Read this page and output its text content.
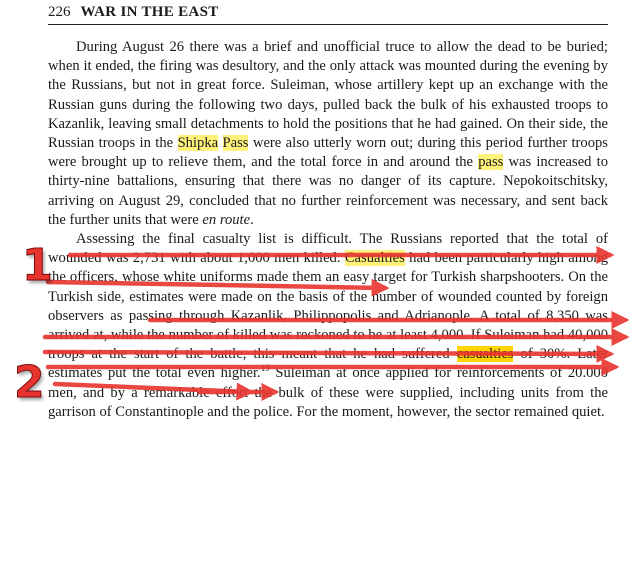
226 WAR IN THE EAST

During August 26 there was a brief and unofficial truce to allow the dead to be buried; when it ended, the firing was desultory, and the only attack was mounted during the evening by the Russians, but not in great force. Suleiman, whose artillery kept up an exchange with the Russian guns during the following two days, pulled back the bulk of his exhausted troops to Kazanlik, leaving small detachments to hold the positions that he had gained. On their side, the Russian troops in the Shipka Pass were also utterly worn out; during this period further troops were brought up to relieve them, and the total force in and around the pass was increased to thirty-nine battalions, ensuring that there was no danger of its capture. Nepokoitschitsky, arriving on August 29, concluded that no further reinforcement was necessary, and sent back the further units that were en route.

Assessing the final casualty list is difficult. The Russians reported that the total of wounded was 2,731 with about 1,000 men killed. Casualties had been particularly high among the officers, whose white uniforms made them an easy target for Turkish sharpshooters. On the Turkish side, estimates were made on the basis of the number of wounded counted by foreign observers as passing through Kazanlik, Philippopolis and Adrianople. A total of 8,350 was arrived at, while the number of killed was reckoned to be at least 4,000. If Suleiman had 40,000 troops at the start of the battle, this meant that he had suffered casualties of 30%. Later estimates put the total even higher.$^{19}$ Suleiman at once applied for reinforcements of 20.000 men, and by a remarkable effort the bulk of these were supplied, including units from the garrison of Constantinople and the police. For the moment, however, the sector remained quiet.

1
2
